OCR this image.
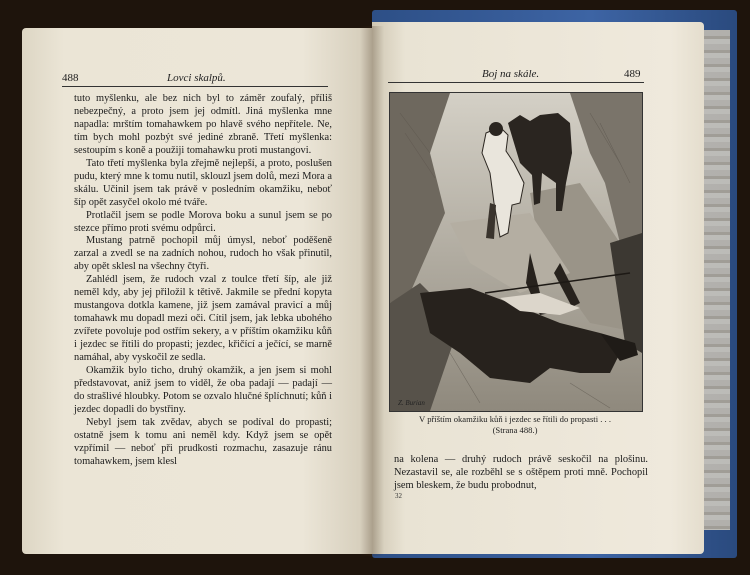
488	Lovci skalpů.

tuto myšlenku, ale bez nich byl to záměr zoufalý, příliš nebezpečný, a proto jsem jej odmítl. Jiná myšlenka mne napadla: mrštím tomahawkem po hlavě svého nepřítele. Ne, tím bych mohl pozbýt své jediné zbraně. Třetí myšlenka: sestoupím s koně a použiji tomahawku proti mustangovi.

Tato třetí myšlenka byla zřejmě nejlepší, a proto, poslušen pudu, který mne k tomu nutil, sklouzl jsem dolů, mezi Mora a skálu. Učinil jsem tak právě v posledním okamžiku, neboť šíp opět zasyčel okolo mé tváře.

Protlačil jsem se podle Morova boku a sunul jsem se po stezce přímo proti svému odpůrci.

Mustang patrně pochopil můj úmysl, neboť poděšeně zarzal a zvedl se na zadních nohou, rudoch ho však přinutil, aby opět sklesl na všechny čtyři.

Zahlédl jsem, že rudoch vzal z toulce třetí šíp, ale již neměl kdy, aby jej přiložil k tětivě. Jakmile se přední kopyta mustangova dotkla kamene, již jsem zamával pravicí a můj tomahawk mu dopadl mezi oči. Cítil jsem, jak lebka ubohého zvířete povoluje pod ostřím sekery, a v příštím okamžiku kůň i jezdec se řítili do propasti; jezdec, křičící a ječící, se marně namáhal, aby vyskočil ze sedla.

Okamžik bylo ticho, druhý okamžik, a jen jsem si mohl představovat, aniž jsem to viděl, že oba padají — padají — do strašlivé hloubky. Potom se ozvalo hlučné šplíchnutí; kůň i jezdec dopadli do bystřiny.

Nebyl jsem tak zvědav, abych se podíval do propasti; ostatně jsem k tomu ani neměl kdy. Když jsem se opět vzpřímil — neboť při prudkosti rozmachu, zasazuje ránu tomahawkem, jsem klesl

Boj na skále.	489
Z. Burian
V příštím okamžiku kůň i jezdec se řítili do propasti . . .
(Strana 488.)

na kolena — druhý rudoch právě seskočil na plošinu. Nezastavil se, ale rozběhl se s oštěpem proti mně. Pochopil jsem bleskem, že budu probodnut,

32
